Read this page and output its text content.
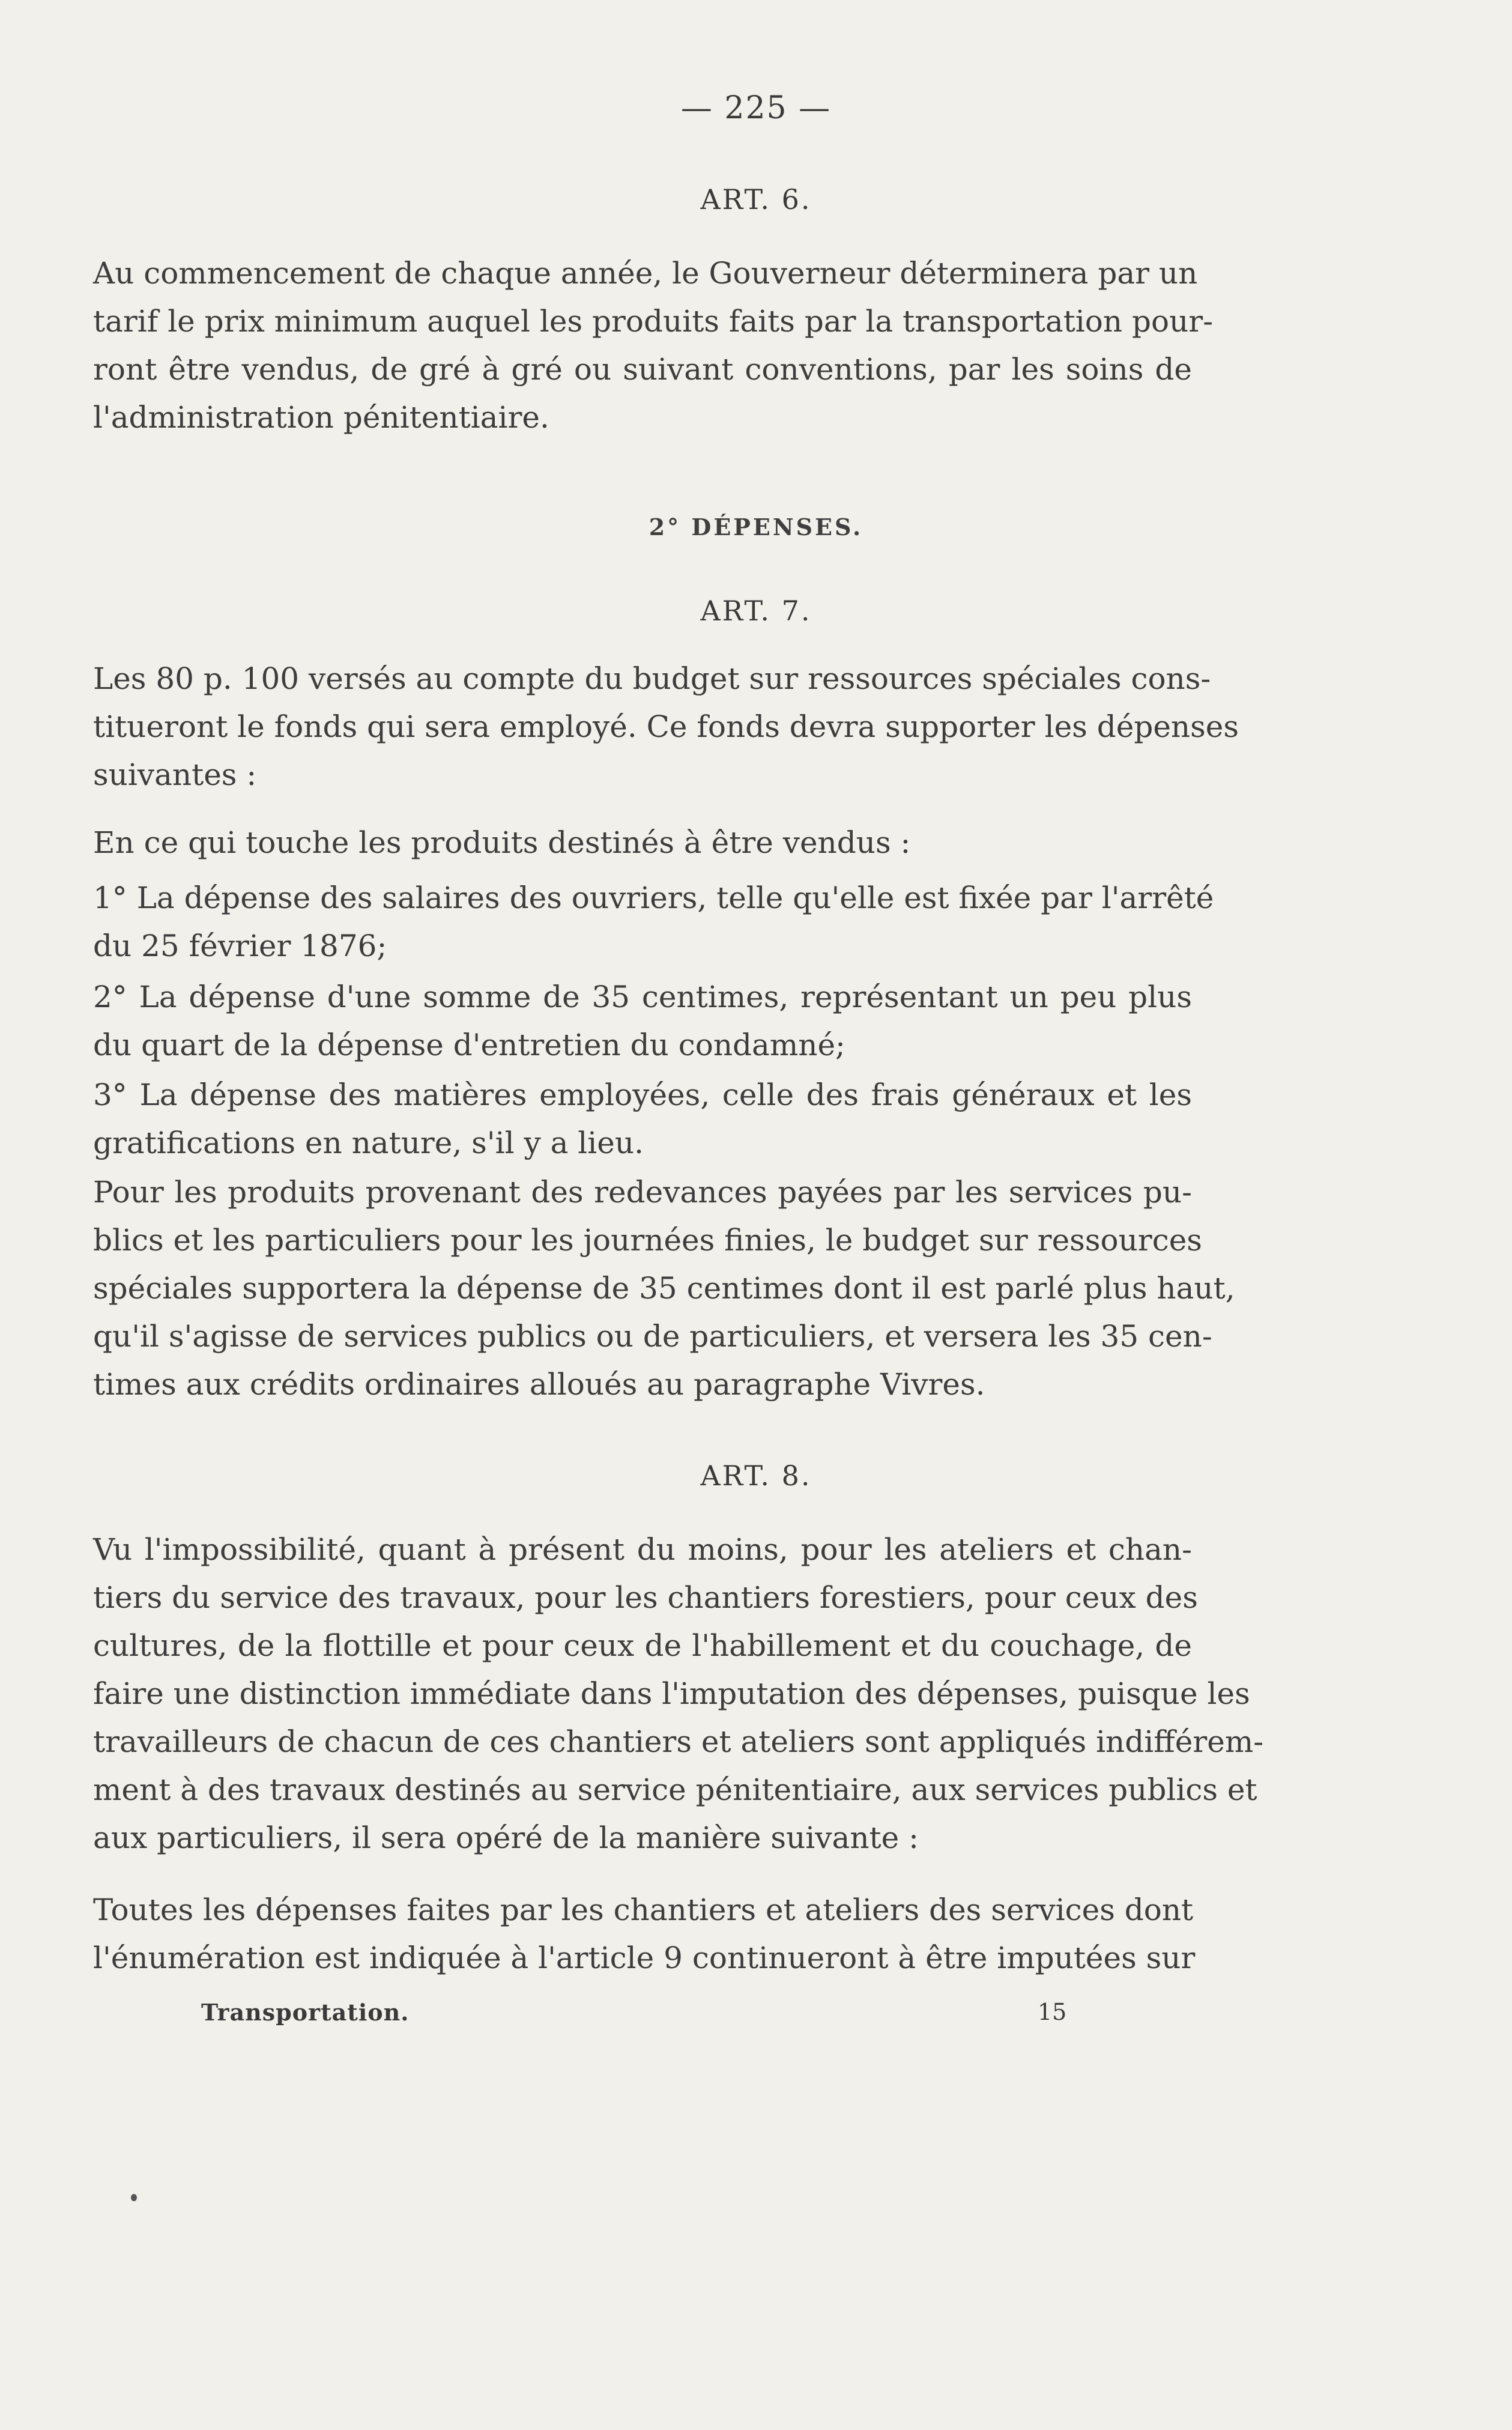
— 225 —
ART. 6.
Au commencement de chaque année, le Gouverneur déterminera par un
tarif le prix minimum auquel les produits faits par la transportation pour-
ront être vendus, de gré à gré ou suivant conventions, par les soins de
l'administration pénitentiaire.
2° DÉPENSES.
ART. 7.
Les 80 p. 100 versés au compte du budget sur ressources spéciales cons-
titueront le fonds qui sera employé. Ce fonds devra supporter les dépenses
suivantes :
En ce qui touche les produits destinés à être vendus :
1° La dépense des salaires des ouvriers, telle qu'elle est fixée par l'arrêté
du 25 février 1876;
2° La dépense d'une somme de 35 centimes, représentant un peu plus
du quart de la dépense d'entretien du condamné;
3° La dépense des matières employées, celle des frais généraux et les
gratifications en nature, s'il y a lieu.
Pour les produits provenant des redevances payées par les services pu-
blics et les particuliers pour les journées finies, le budget sur ressources
spéciales supportera la dépense de 35 centimes dont il est parlé plus haut,
qu'il s'agisse de services publics ou de particuliers, et versera les 35 cen-
times aux crédits ordinaires alloués au paragraphe Vivres.
ART. 8.
Vu l'impossibilité, quant à présent du moins, pour les ateliers et chan-
tiers du service des travaux, pour les chantiers forestiers, pour ceux des
cultures, de la flottille et pour ceux de l'habillement et du couchage, de
faire une distinction immédiate dans l'imputation des dépenses, puisque les
travailleurs de chacun de ces chantiers et ateliers sont appliqués indifférem-
ment à des travaux destinés au service pénitentiaire, aux services publics et
aux particuliers, il sera opéré de la manière suivante :
Toutes les dépenses faites par les chantiers et ateliers des services dont
l'énumération est indiquée à l'article 9 continueront à être imputées sur
Transportation.	15
